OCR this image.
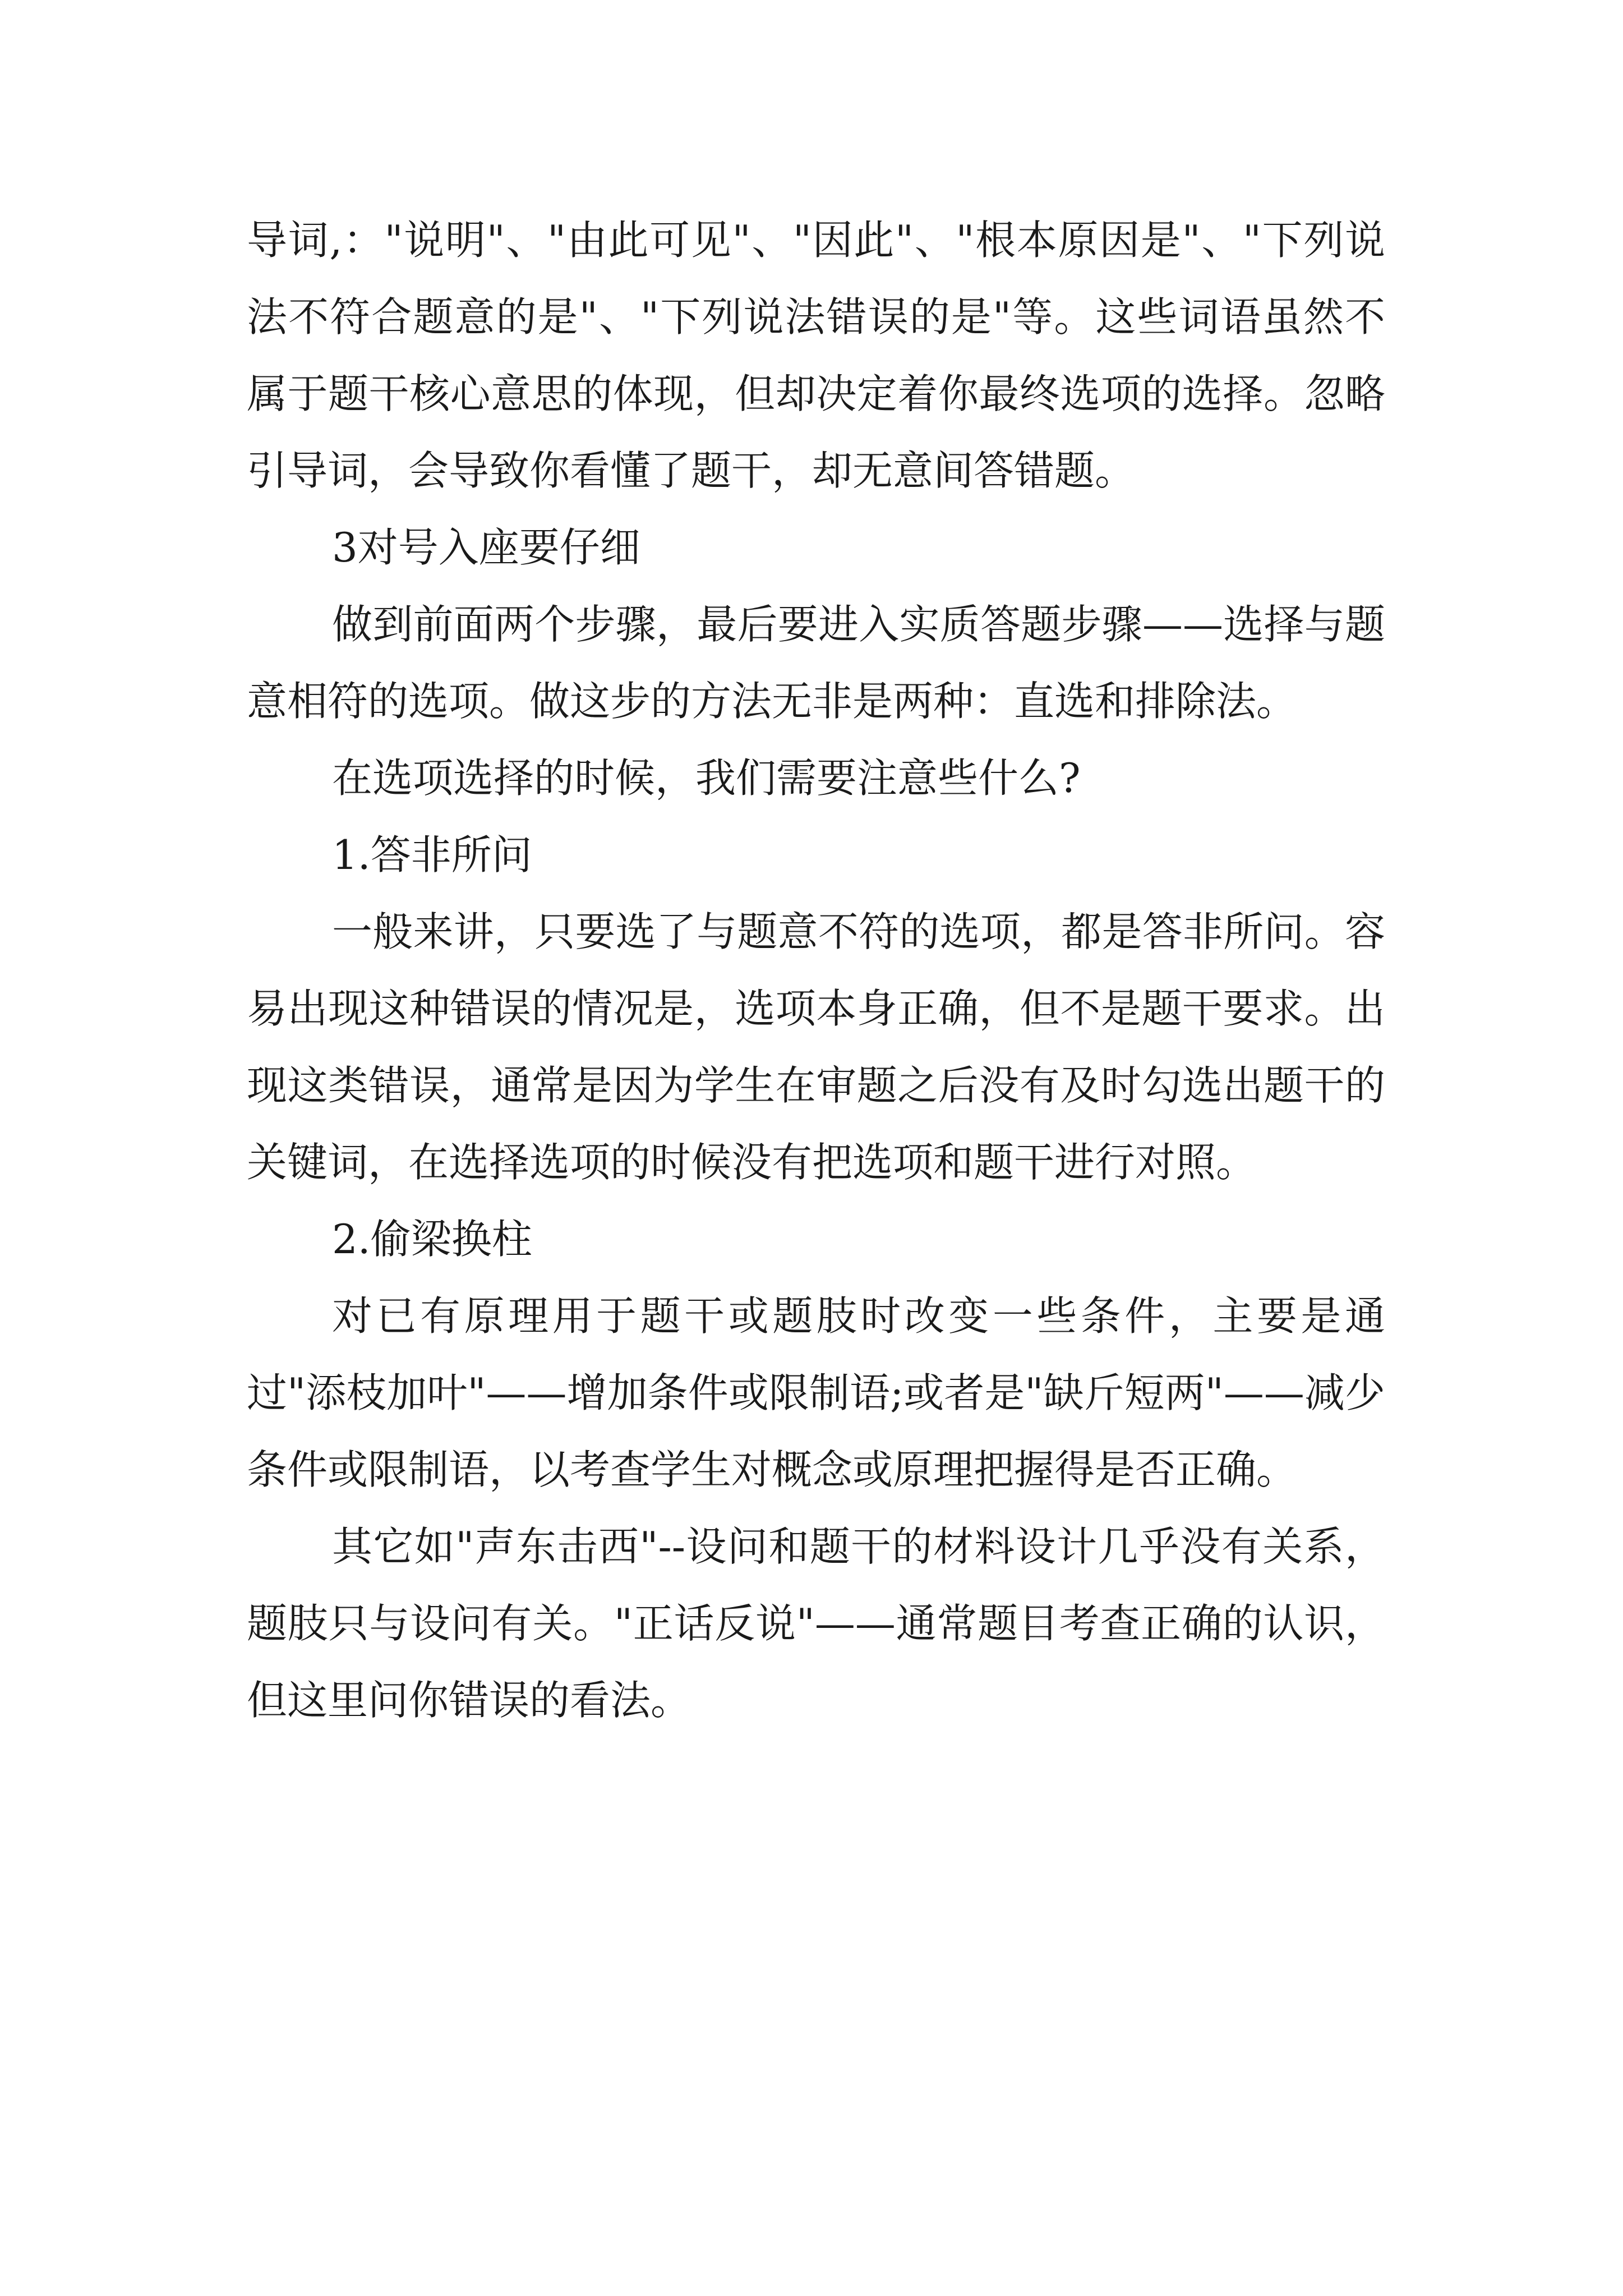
导词,："说明"、"由此可见"、"因此"、"根本原因是"、"下列说法不符合题意的是"、"下列说法错误的是"等。这些词语虽然不属于题干核心意思的体现，但却决定着你最终选项的选择。忽略引导词，会导致你看懂了题干，却无意间答错题。

3对号入座要仔细

做到前面两个步骤，最后要进入实质答题步骤——选择与题意相符的选项。做这步的方法无非是两种：直选和排除法。

在选项选择的时候，我们需要注意些什么?

1.答非所问

一般来讲，只要选了与题意不符的选项，都是答非所问。容易出现这种错误的情况是，选项本身正确，但不是题干要求。出现这类错误，通常是因为学生在审题之后没有及时勾选出题干的关键词，在选择选项的时候没有把选项和题干进行对照。

2.偷梁换柱

对已有原理用于题干或题肢时改变一些条件，主要是通过"添枝加叶"——增加条件或限制语;或者是"缺斤短两"——减少条件或限制语，以考查学生对概念或原理把握得是否正确。

其它如"声东击西"--设问和题干的材料设计几乎没有关系，题肢只与设问有关。"正话反说"——通常题目考查正确的认识，但这里问你错误的看法。
